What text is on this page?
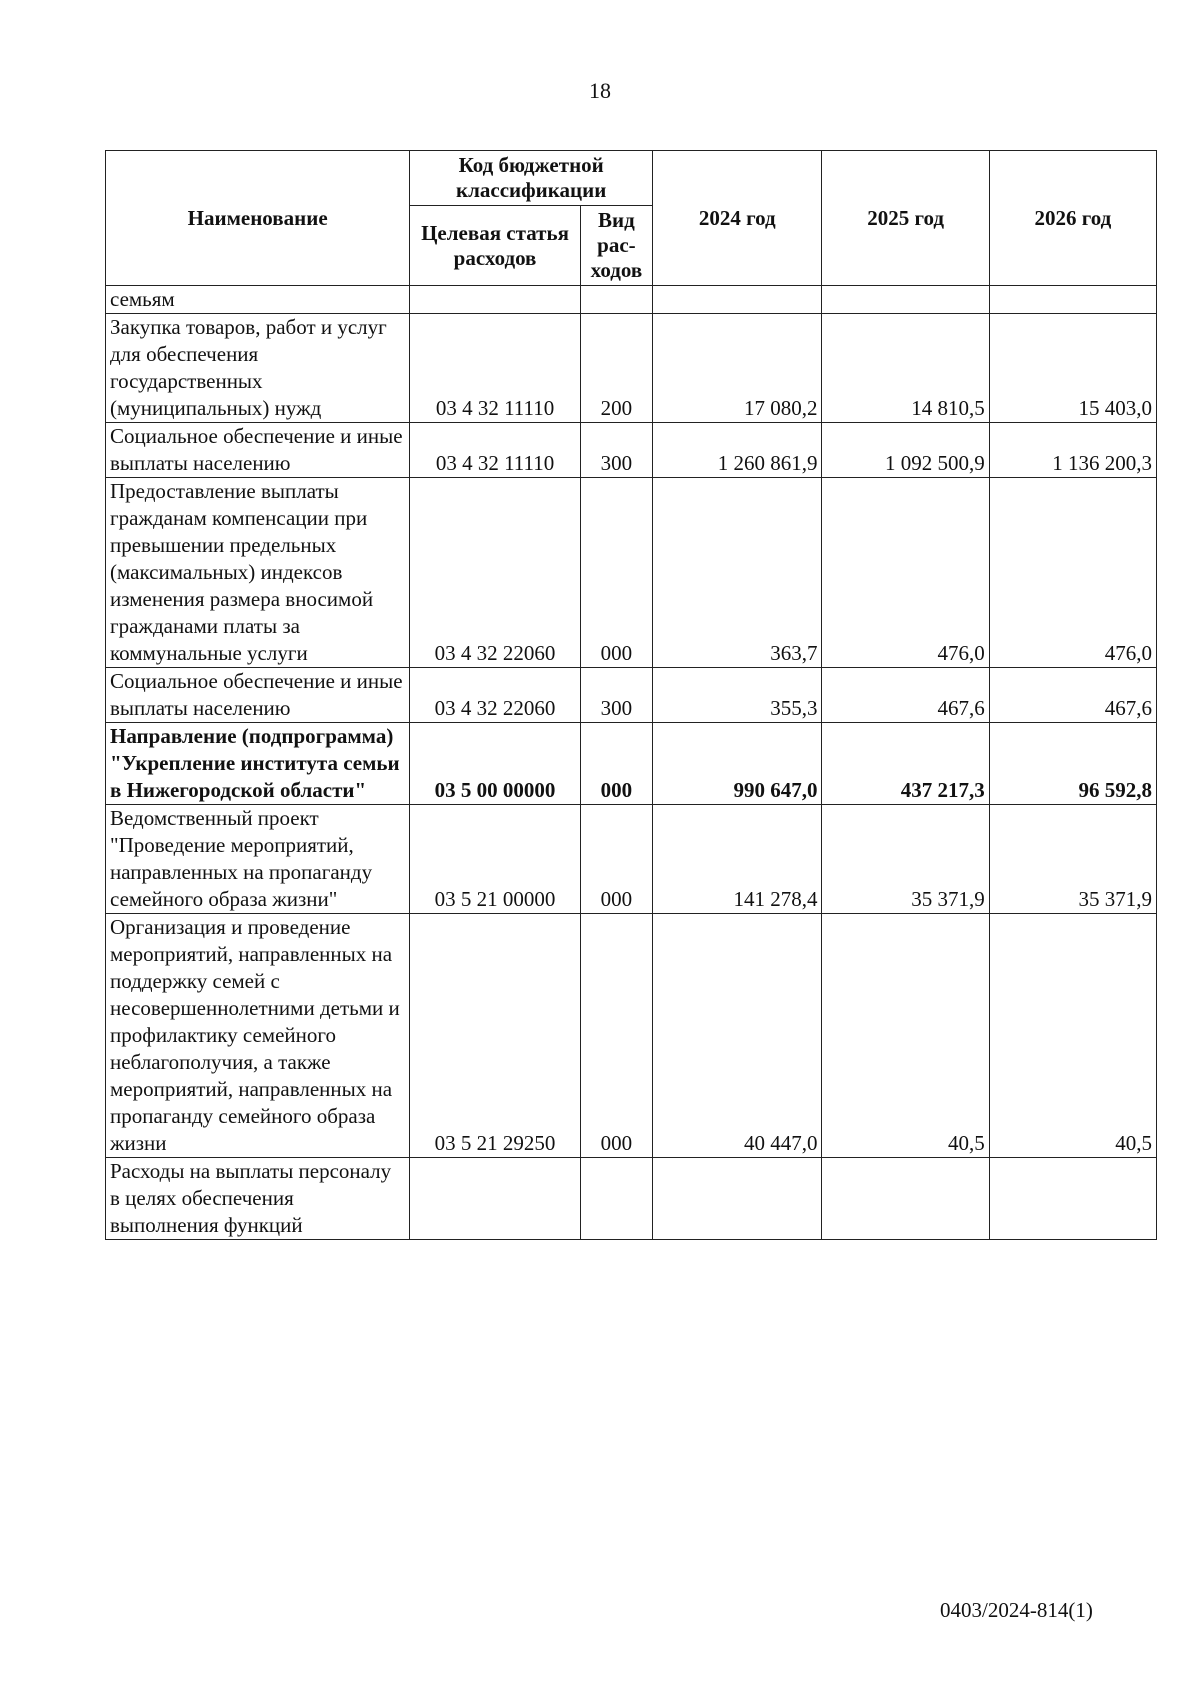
18
Наименование	Код бюджетной классификации		2024 год	2025 год	2026 год
	Целевая статья расходов	Вид рас-ходов			
семьям					
Закупка товаров, работ и услуг для обеспечения государственных (муниципальных) нужд	03 4 32 11110	200	17 080,2	14 810,5	15 403,0
Социальное обеспечение и иные выплаты населению	03 4 32 11110	300	1 260 861,9	1 092 500,9	1 136 200,3
Предоставление выплаты гражданам компенсации при превышении предельных (максимальных) индексов изменения размера вносимой гражданами платы за коммунальные услуги	03 4 32 22060	000	363,7	476,0	476,0
Социальное обеспечение и иные выплаты населению	03 4 32 22060	300	355,3	467,6	467,6
Направление (подпрограмма) "Укрепление института семьи в Нижегородской области"	03 5 00 00000	000	990 647,0	437 217,3	96 592,8
Ведомственный проект "Проведение мероприятий, направленных на пропаганду семейного образа жизни"	03 5 21 00000	000	141 278,4	35 371,9	35 371,9
Организация и проведение мероприятий, направленных на поддержку семей с несовершеннолетними детьми и профилактику семейного неблагополучия, а также мероприятий, направленных на пропаганду семейного образа жизни	03 5 21 29250	000	40 447,0	40,5	40,5
Расходы на выплаты персоналу в целях обеспечения выполнения функций					
0403/2024-814(1)
